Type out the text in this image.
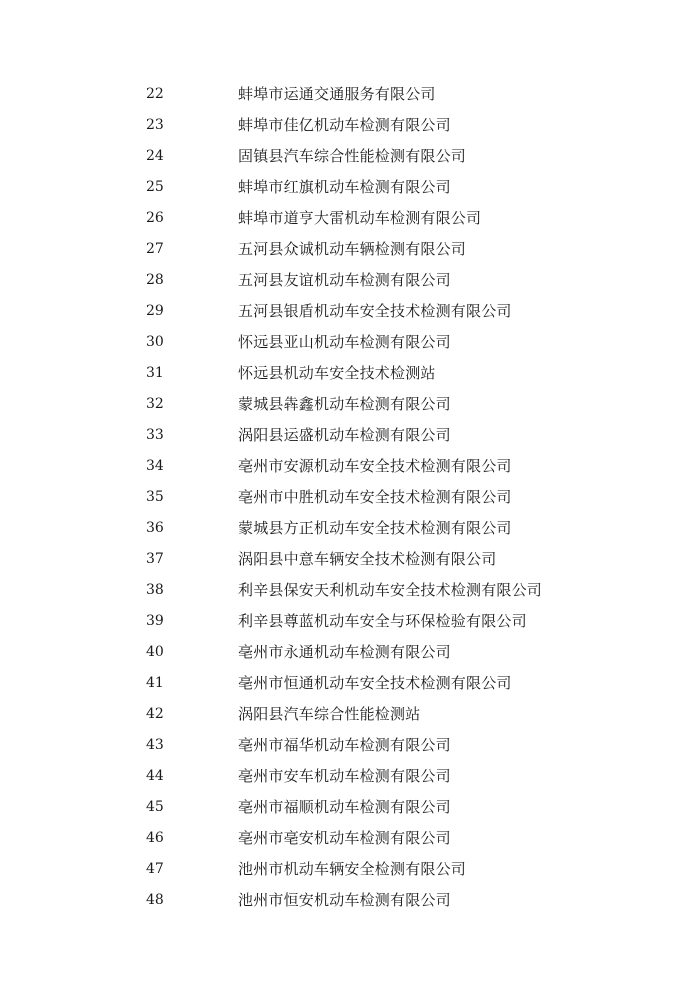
22	蚌埠市运通交通服务有限公司
23	蚌埠市佳亿机动车检测有限公司
24	固镇县汽车综合性能检测有限公司
25	蚌埠市红旗机动车检测有限公司
26	蚌埠市道亨大雷机动车检测有限公司
27	五河县众诚机动车辆检测有限公司
28	五河县友谊机动车检测有限公司
29	五河县银盾机动车安全技术检测有限公司
30	怀远县亚山机动车检测有限公司
31	怀远县机动车安全技术检测站
32	蒙城县犇鑫机动车检测有限公司
33	涡阳县运盛机动车检测有限公司
34	亳州市安源机动车安全技术检测有限公司
35	亳州市中胜机动车安全技术检测有限公司
36	蒙城县方正机动车安全技术检测有限公司
37	涡阳县中意车辆安全技术检测有限公司
38	利辛县保安天利机动车安全技术检测有限公司
39	利辛县尊蓝机动车安全与环保检验有限公司
40	亳州市永通机动车检测有限公司
41	亳州市恒通机动车安全技术检测有限公司
42	涡阳县汽车综合性能检测站
43	亳州市福华机动车检测有限公司
44	亳州市安车机动车检测有限公司
45	亳州市福顺机动车检测有限公司
46	亳州市亳安机动车检测有限公司
47	池州市机动车辆安全检测有限公司
48	池州市恒安机动车检测有限公司
